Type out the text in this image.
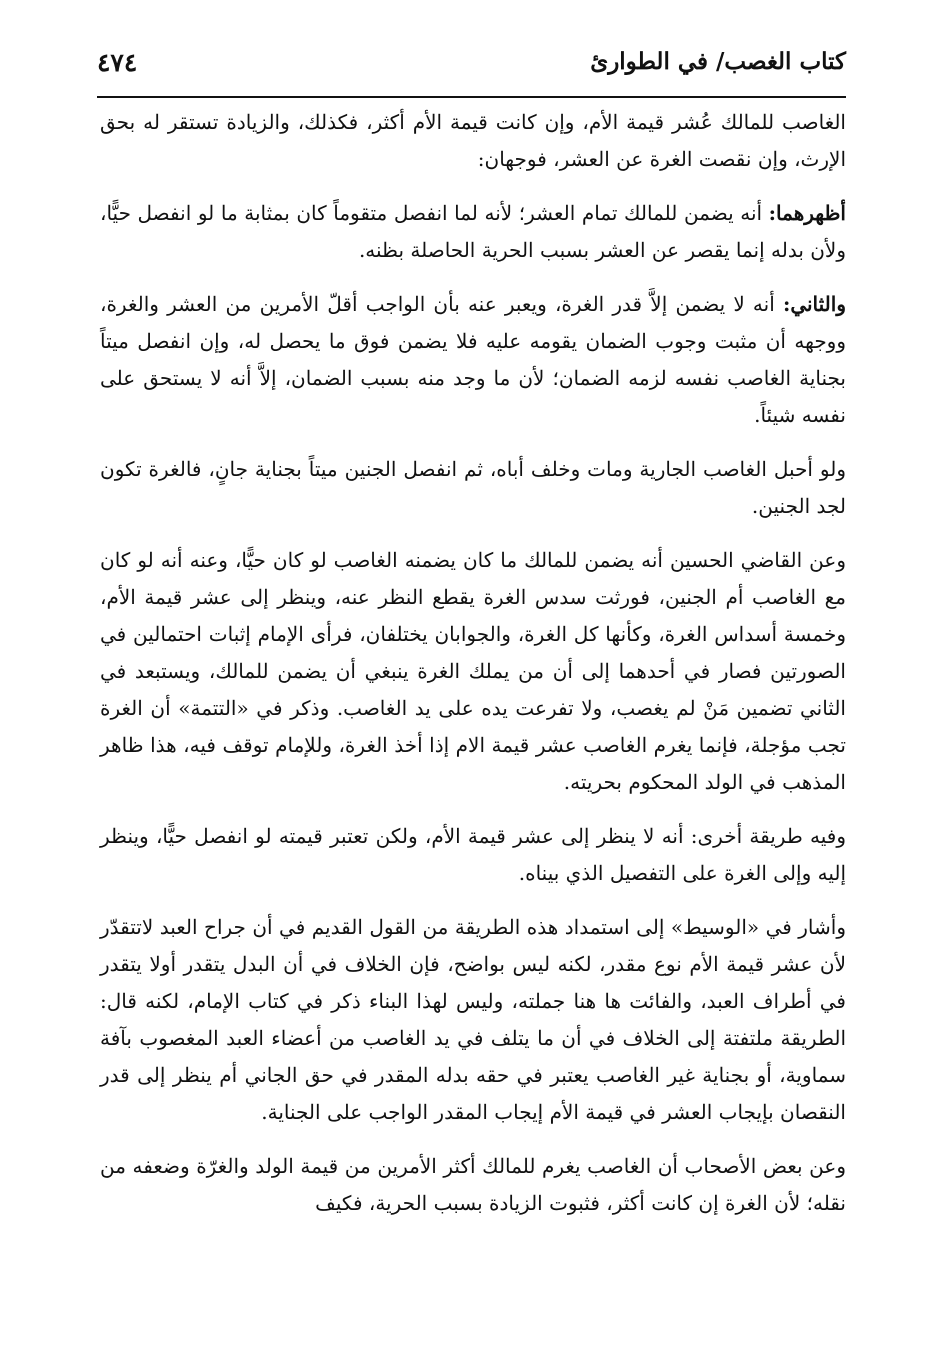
كتاب الغصب/ في الطوارئ
٤٧٤

الغاصب للمالك عُشر قيمة الأم، وإن كانت قيمة الأم أكثر، فكذلك، والزيادة تستقر له بحق الإرث، وإن نقصت الغرة عن العشر، فوجهان:

أظهرهما: أنه يضمن للمالك تمام العشر؛ لأنه لما انفصل متقوماً كان بمثابة ما لو انفصل حيًّا، ولأن بدله إنما يقصر عن العشر بسبب الحرية الحاصلة بظنه.

والثاني: أنه لا يضمن إلاَّ قدر الغرة، ويعبر عنه بأن الواجب أقلّ الأمرين من العشر والغرة، ووجهه أن مثبت وجوب الضمان يقومه عليه فلا يضمن فوق ما يحصل له، وإن انفصل ميتاً بجناية الغاصب نفسه لزمه الضمان؛ لأن ما وجد منه بسبب الضمان، إلاَّ أنه لا يستحق على نفسه شيئاً.

ولو أحبل الغاصب الجارية ومات وخلف أباه، ثم انفصل الجنين ميتاً بجناية جانٍ، فالغرة تكون لجد الجنين.

وعن القاضي الحسين أنه يضمن للمالك ما كان يضمنه الغاصب لو كان حيًّا، وعنه أنه لو كان مع الغاصب أم الجنين، فورثت سدس الغرة يقطع النظر عنه، وينظر إلى عشر قيمة الأم، وخمسة أسداس الغرة، وكأنها كل الغرة، والجوابان يختلفان، فرأى الإمام إثبات احتمالين في الصورتين فصار في أحدهما إلى أن من يملك الغرة ينبغي أن يضمن للمالك، ويستبعد في الثاني تضمين مَنْ لم يغصب، ولا تفرعت يده على يد الغاصب. وذكر في «التتمة» أن الغرة تجب مؤجلة، فإنما يغرم الغاصب عشر قيمة الام إذا أخذ الغرة، وللإمام توقف فيه، هذا ظاهر المذهب في الولد المحكوم بحريته.

وفيه طريقة أخرى: أنه لا ينظر إلى عشر قيمة الأم، ولكن تعتبر قيمته لو انفصل حيًّا، وينظر إليه وإلى الغرة على التفصيل الذي بيناه.

وأشار في «الوسيط» إلى استمداد هذه الطريقة من القول القديم في أن جراح العبد لاتتقدّر لأن عشر قيمة الأم نوع مقدر، لكنه ليس بواضح، فإن الخلاف في أن البدل يتقدر أولا يتقدر في أطراف العبد، والفائت ها هنا جملته، وليس لهذا البناء ذكر في كتاب الإمام، لكنه قال: الطريقة ملتفتة إلى الخلاف في أن ما يتلف في يد الغاصب من أعضاء العبد المغصوب بآفة سماوية، أو بجناية غير الغاصب يعتبر في حقه بدله المقدر في حق الجاني أم ينظر إلى قدر النقصان بإيجاب العشر في قيمة الأم إيجاب المقدر الواجب على الجناية.

وعن بعض الأصحاب أن الغاصب يغرم للمالك أكثر الأمرين من قيمة الولد والغرّة وضعفه من نقله؛ لأن الغرة إن كانت أكثر، فثبوت الزيادة بسبب الحرية، فكيف
